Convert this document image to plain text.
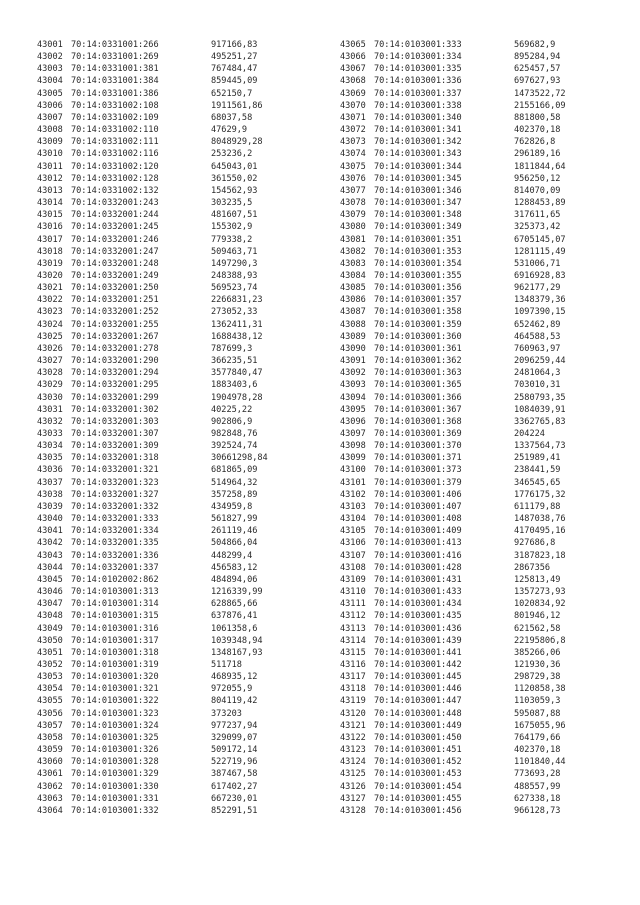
43001 70:14:0331001:266	917166,83
43002 70:14:0331001:269	495251,27
43003 70:14:0331001:381	767484,47
43004 70:14:0331001:384	859445,09
43005 70:14:0331001:386	652150,7
43006 70:14:0331002:108	1911561,86
43007 70:14:0331002:109	68037,58
43008 70:14:0331002:110	47629,9
43009 70:14:0331002:111	8048929,28
43010 70:14:0331002:116	253236,2
43011 70:14:0331002:120	645043,01
43012 70:14:0331002:128	361550,02
43013 70:14:0331002:132	154562,93
43014 70:14:0332001:243	303235,5
43015 70:14:0332001:244	481607,51
43016 70:14:0332001:245	155302,9
43017 70:14:0332001:246	779338,2
43018 70:14:0332001:247	509463,71
43019 70:14:0332001:248	1497290,3
43020 70:14:0332001:249	248388,93
43021 70:14:0332001:250	569523,74
43022 70:14:0332001:251	2266831,23
43023 70:14:0332001:252	273052,33
43024 70:14:0332001:255	1362411,31
43025 70:14:0332001:267	1688438,12
43026 70:14:0332001:278	787699,3
43027 70:14:0332001:290	366235,51
43028 70:14:0332001:294	3577840,47
43029 70:14:0332001:295	1883403,6
43030 70:14:0332001:299	1904978,28
43031 70:14:0332001:302	40225,22
43032 70:14:0332001:303	902806,9
43033 70:14:0332001:307	982848,76
43034 70:14:0332001:309	392524,74
43035 70:14:0332001:318	30661298,84
43036 70:14:0332001:321	681865,09
43037 70:14:0332001:323	514964,32
43038 70:14:0332001:327	357258,89
43039 70:14:0332001:332	434959,8
43040 70:14:0332001:333	561827,99
43041 70:14:0332001:334	261119,46
43042 70:14:0332001:335	504866,04
43043 70:14:0332001:336	448299,4
43044 70:14:0332001:337	456583,12
43045 70:14:0102002:862	484894,06
43046 70:14:0103001:313	1216339,99
43047 70:14:0103001:314	628865,66
43048 70:14:0103001:315	637876,41
43049 70:14:0103001:316	1061358,6
43050 70:14:0103001:317	1039348,94
43051 70:14:0103001:318	1348167,93
43052 70:14:0103001:319	511718
43053 70:14:0103001:320	468935,12
43054 70:14:0103001:321	972055,9
43055 70:14:0103001:322	804119,42
43056 70:14:0103001:323	373203
43057 70:14:0103001:324	977237,94
43058 70:14:0103001:325	329099,07
43059 70:14:0103001:326	509172,14
43060 70:14:0103001:328	522719,96
43061 70:14:0103001:329	387467,58
43062 70:14:0103001:330	617402,27
43063 70:14:0103001:331	667230,01
43064 70:14:0103001:332	852291,51
43065 70:14:0103001:333	569682,9
43066 70:14:0103001:334	895284,94
43067 70:14:0103001:335	625457,57
43068 70:14:0103001:336	697627,93
43069 70:14:0103001:337	1473522,72
43070 70:14:0103001:338	2155166,09
43071 70:14:0103001:340	881800,58
43072 70:14:0103001:341	402370,18
43073 70:14:0103001:342	762826,8
43074 70:14:0103001:343	296189,16
43075 70:14:0103001:344	1811844,64
43076 70:14:0103001:345	956250,12
43077 70:14:0103001:346	814070,09
43078 70:14:0103001:347	1288453,89
43079 70:14:0103001:348	317611,65
43080 70:14:0103001:349	325373,42
43081 70:14:0103001:351	6705145,07
43082 70:14:0103001:353	1281115,49
43083 70:14:0103001:354	531006,71
43084 70:14:0103001:355	6916928,83
43085 70:14:0103001:356	962177,29
43086 70:14:0103001:357	1348379,36
43087 70:14:0103001:358	1097390,15
43088 70:14:0103001:359	652462,89
43089 70:14:0103001:360	464588,53
43090 70:14:0103001:361	760963,97
43091 70:14:0103001:362	2096259,44
43092 70:14:0103001:363	2481064,3
43093 70:14:0103001:365	703010,31
43094 70:14:0103001:366	2580793,35
43095 70:14:0103001:367	1084039,91
43096 70:14:0103001:368	3362765,83
43097 70:14:0103001:369	204224
43098 70:14:0103001:370	1337564,73
43099 70:14:0103001:371	251989,41
43100 70:14:0103001:373	238441,59
43101 70:14:0103001:379	346545,65
43102 70:14:0103001:406	1776175,32
43103 70:14:0103001:407	611179,88
43104 70:14:0103001:408	1487038,76
43105 70:14:0103001:409	4170495,16
43106 70:14:0103001:413	927686,8
43107 70:14:0103001:416	3187823,18
43108 70:14:0103001:428	2867356
43109 70:14:0103001:431	125813,49
43110 70:14:0103001:433	1357273,93
43111 70:14:0103001:434	1020834,92
43112 70:14:0103001:435	801946,12
43113 70:14:0103001:436	621562,58
43114 70:14:0103001:439	2219580б,8
43115 70:14:0103001:441	385266,06
43116 70:14:0103001:442	121930,36
43117 70:14:0103001:445	298729,38
43118 70:14:0103001:446	1120858,38
43119 70:14:0103001:447	1103059,3
43120 70:14:0103001:448	595087,88
43121 70:14:0103001:449	1675055,96
43122 70:14:0103001:450	764179,66
43123 70:14:0103001:451	402370,18
43124 70:14:0103001:452	1101840,44
43125 70:14:0103001:453	773693,28
43126 70:14:0103001:454	488557,99
43127 70:14:0103001:455	627338,18
43128 70:14:0103001:456	966128,73
